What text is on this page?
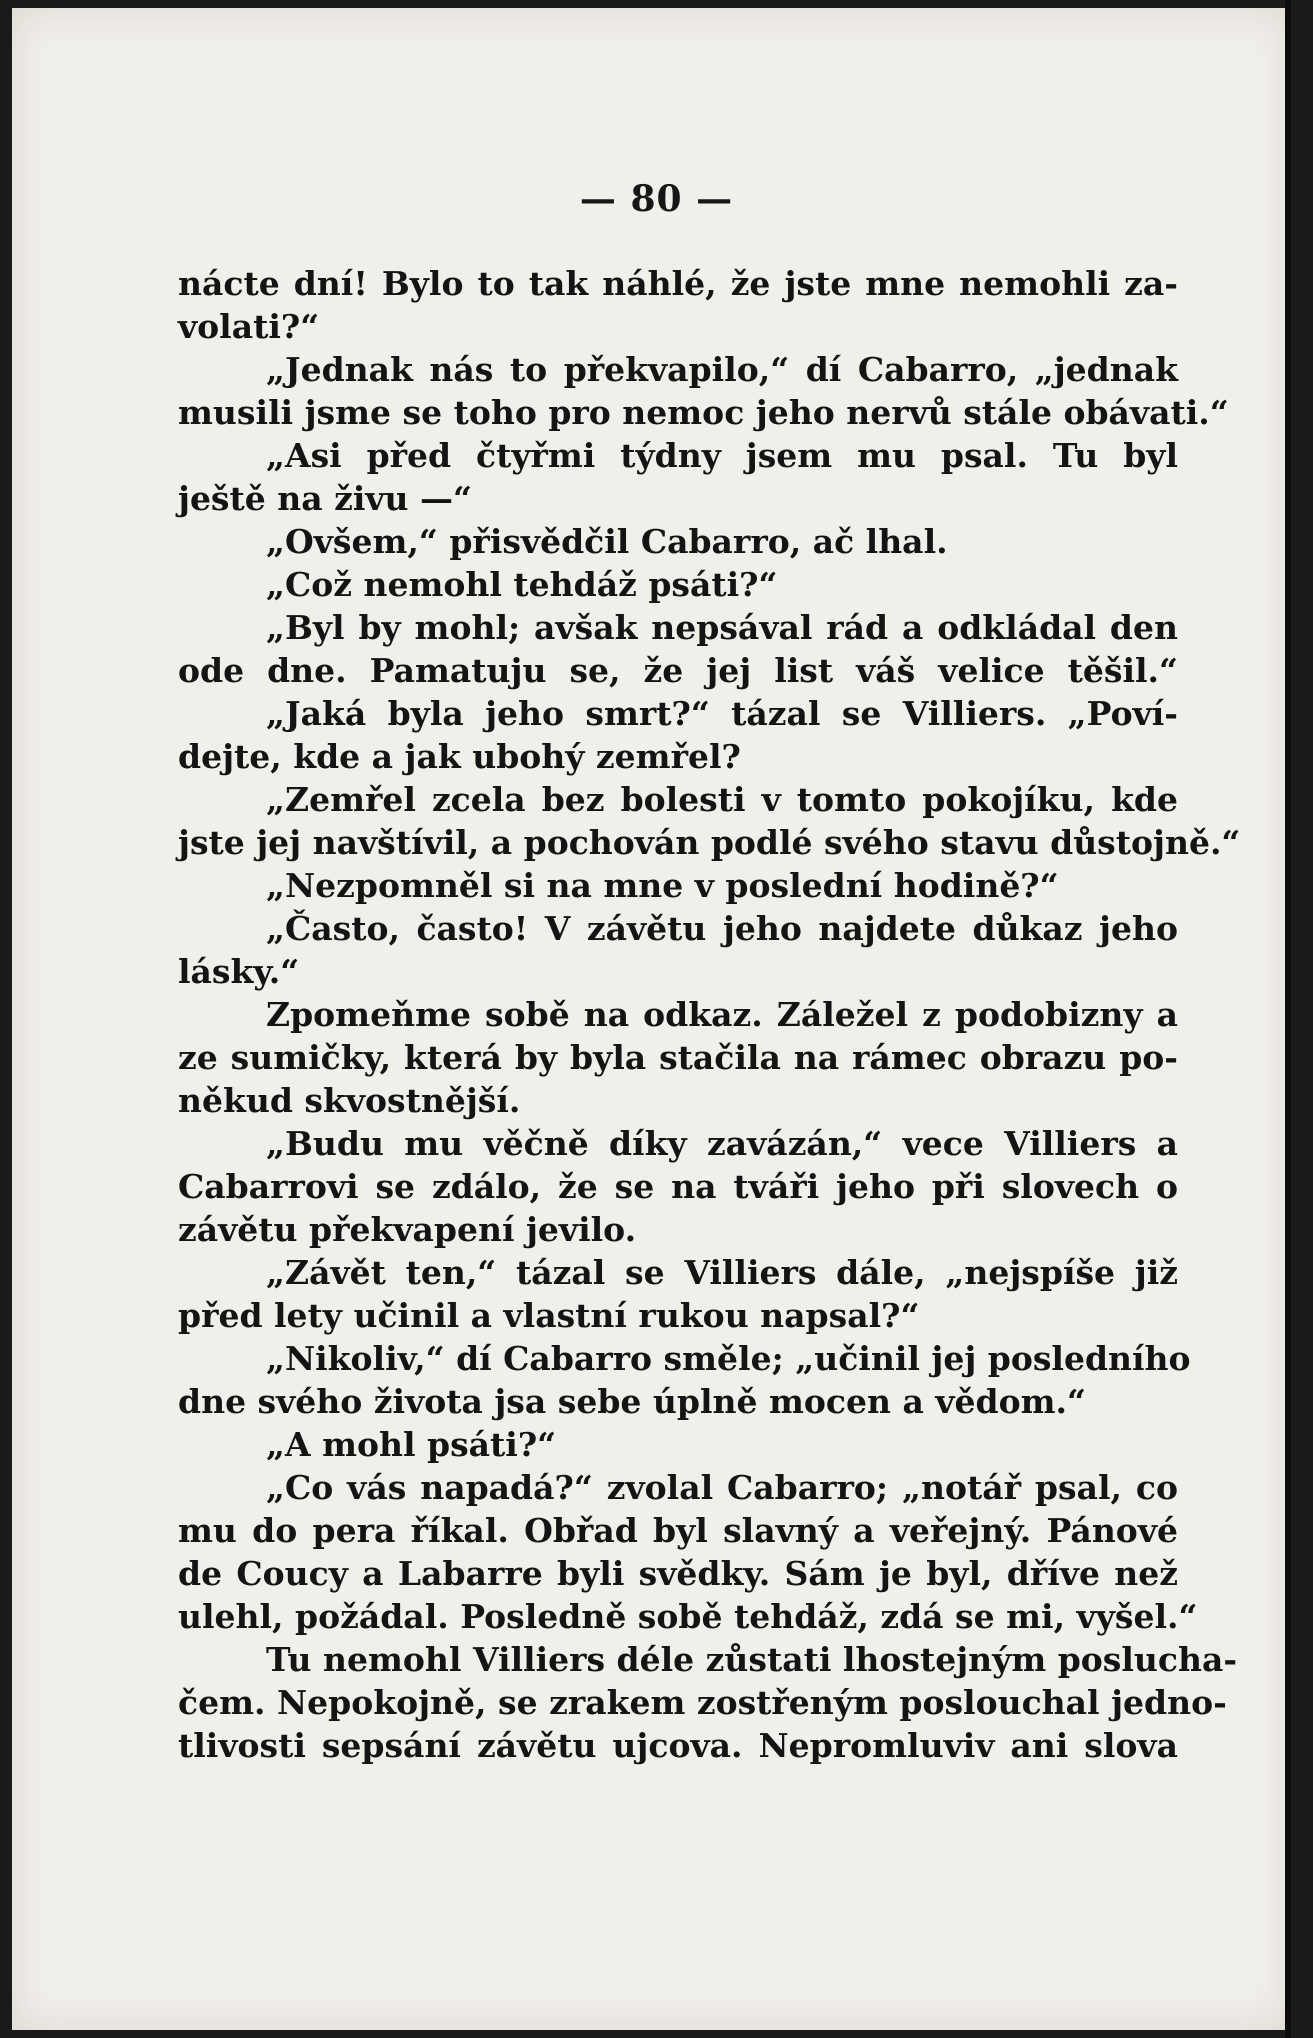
— 80 —
nácte dní! Bylo to tak náhlé, že jste mne nemohli za-
volati?“
„Jednak nás to překvapilo,“ dí Cabarro, „jednak
musili jsme se toho pro nemoc jeho nervů stále obávati.“
„Asi před čtyřmi týdny jsem mu psal. Tu byl
ještě na živu —“
„Ovšem,“ přisvědčil Cabarro, ač lhal.
„Což nemohl tehdáž psáti?“
„Byl by mohl; avšak nepsával rád a odkládal den
ode dne. Pamatuju se, že jej list váš velice těšil.“
„Jaká byla jeho smrt?“ tázal se Villiers. „Poví-
dejte, kde a jak ubohý zemřel?
„Zemřel zcela bez bolesti v tomto pokojíku, kde
jste jej navštívil, a pochován podlé svého stavu důstojně.“
„Nezpomněl si na mne v poslední hodině?“
„Často, často! V závětu jeho najdete důkaz jeho
lásky.“
Zpomeňme sobě na odkaz. Záležel z podobizny a
ze sumičky, která by byla stačila na rámec obrazu po-
někud skvostnější.
„Budu mu věčně díky zavázán,“ vece Villiers a
Cabarrovi se zdálo, že se na tváři jeho při slovech o
závětu překvapení jevilo.
„Závět ten,“ tázal se Villiers dále, „nejspíše již
před lety učinil a vlastní rukou napsal?“
„Nikoliv,“ dí Cabarro směle; „učinil jej posledního
dne svého života jsa sebe úplně mocen a vědom.“
„A mohl psáti?“
„Co vás napadá?“ zvolal Cabarro; „notář psal, co
mu do pera říkal. Obřad byl slavný a veřejný. Pánové
de Coucy a Labarre byli svědky. Sám je byl, dříve než
ulehl, požádal. Posledně sobě tehdáž, zdá se mi, vyšel.“
Tu nemohl Villiers déle zůstati lhostejným posluchа-
čem. Nepokojně, se zrakem zostřeným poslouchal jedno-
tlivosti sepsání závětu ujcova. Nepromluviv ani slova
